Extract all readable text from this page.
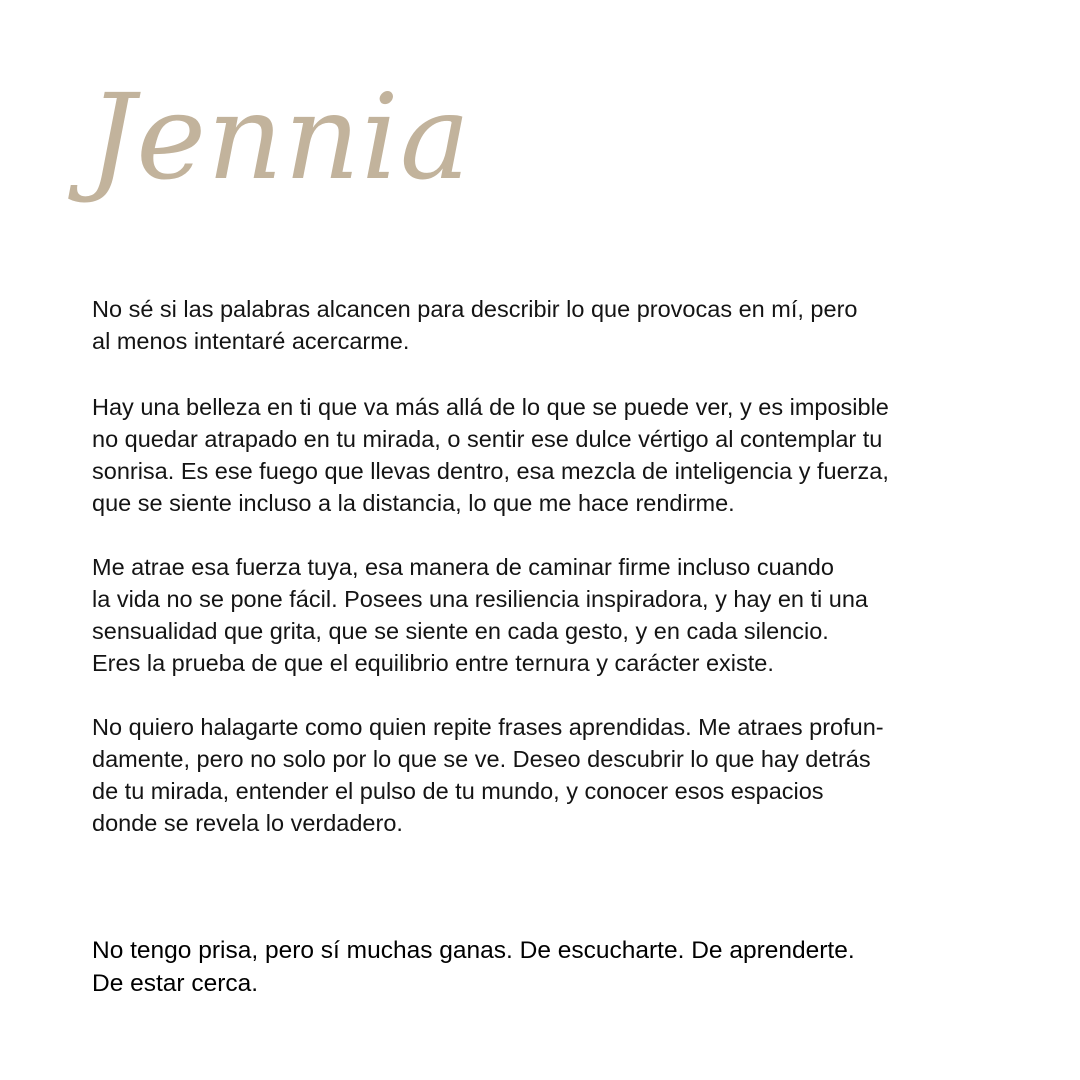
Jennia

No sé si las palabras alcancen para describir lo que provocas en mí, pero
al menos intentaré acercarme.

Hay una belleza en ti que va más allá de lo que se puede ver, y es imposible
no quedar atrapado en tu mirada, o sentir ese dulce vértigo al contemplar tu
sonrisa. Es ese fuego que llevas dentro, esa mezcla de inteligencia y fuerza,
que se siente incluso a la distancia, lo que me hace rendirme.

Me atrae esa fuerza tuya, esa manera de caminar firme incluso cuando
la vida no se pone fácil. Posees una resiliencia inspiradora, y hay en ti una
sensualidad que grita, que se siente en cada gesto, y en cada silencio.
Eres la prueba de que el equilibrio entre ternura y carácter existe.

No quiero halagarte como quien repite frases aprendidas. Me atraes profun-
damente, pero no solo por lo que se ve. Deseo descubrir lo que hay detrás
de tu mirada, entender el pulso de tu mundo, y conocer esos espacios
donde se revela lo verdadero.

No tengo prisa, pero sí muchas ganas. De escucharte. De aprenderte.
De estar cerca.
